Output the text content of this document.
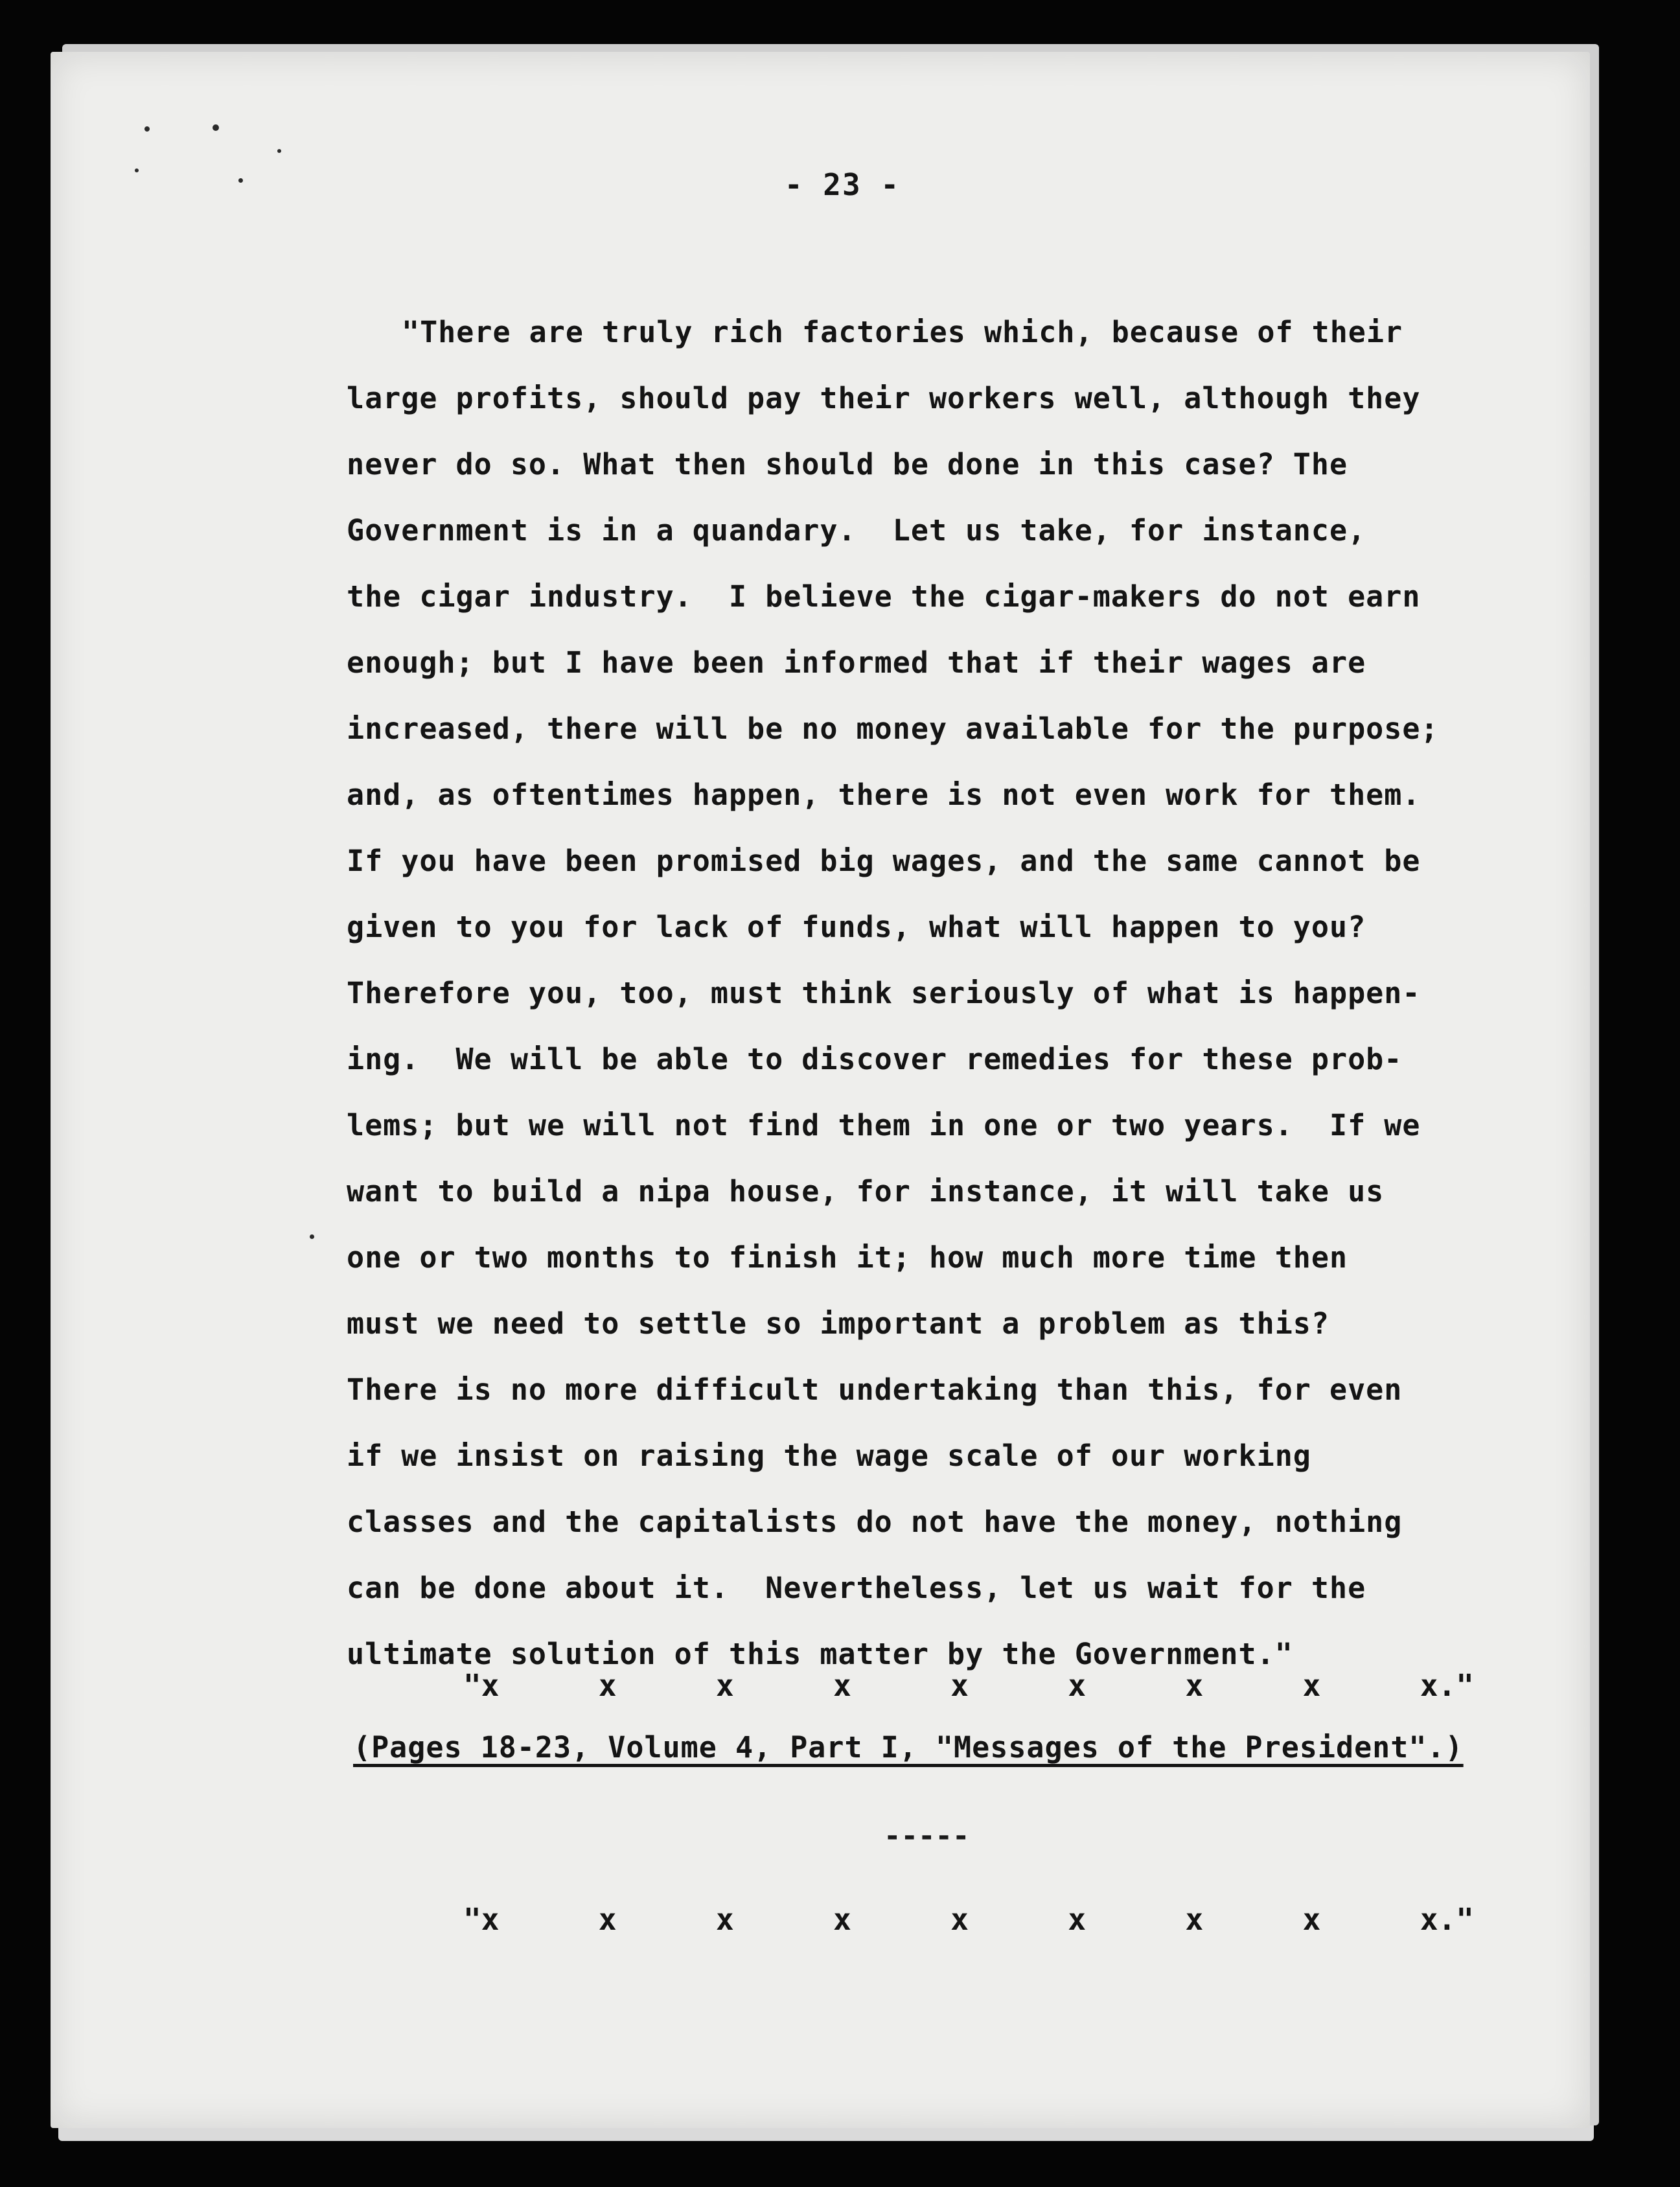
- 23 -
"There are truly rich factories which, because of their
large profits, should pay their workers well, although they
never do so. What then should be done in this case? The
Government is in a quandary.  Let us take, for instance,
the cigar industry.  I believe the cigar-makers do not earn
enough; but I have been informed that if their wages are
increased, there will be no money available for the purpose;
and, as oftentimes happen, there is not even work for them.
If you have been promised big wages, and the same cannot be
given to you for lack of funds, what will happen to you?
Therefore you, too, must think seriously of what is happen-
ing.  We will be able to discover remedies for these prob-
lems; but we will not find them in one or two years.  If we
want to build a nipa house, for instance, it will take us
one or two months to finish it; how much more time then
must we need to settle so important a problem as this?
There is no more difficult undertaking than this, for even
if we insist on raising the wage scale of our working
classes and the capitalists do not have the money, nothing
can be done about it.  Nevertheless, let us wait for the
ultimate solution of this matter by the Government."
"x	x	x	x	x	x	x	x	x."
(Pages 18-23, Volume 4, Part I, "Messages of the President".)
-----
"x	x	x	x	x	x	x	x	x."
